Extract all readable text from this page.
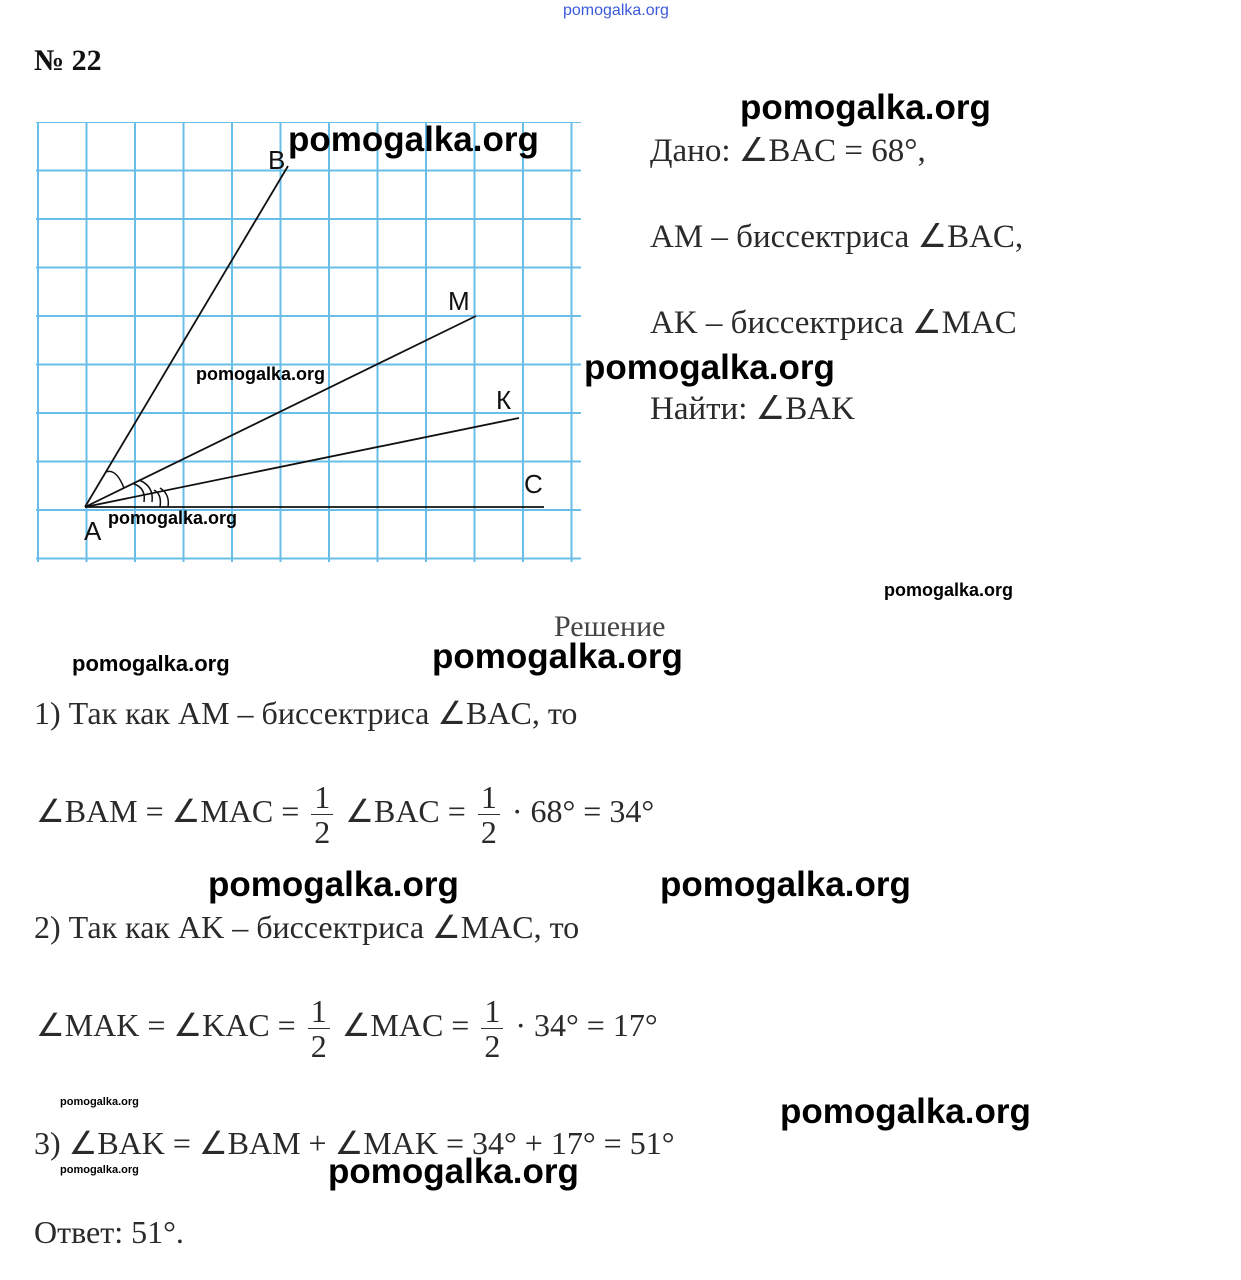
pomogalka.org
№ 22
B
M
К
C
A
Дано: ∠BAC = 68°,
AM – биссектриса ∠BAC,
AK – биссектриса ∠MAC
Найти: ∠BAK
Решение
1) Так как AM – биссектриса ∠BAC, то
∠BAM = ∠MAC = $\frac{1}{2}$ ∠BAC = $\frac{1}{2} \cdot 68^\circ = 34^\circ$
2) Так как AK – биссектриса ∠MAC, то
∠MAK = ∠KAC = $\frac{1}{2}$ ∠MAC = $\frac{1}{2} \cdot 34^\circ = 17^\circ$
3) ∠BAK = ∠BAM + ∠MAK = 34° + 17° = 51°
Ответ: 51°.
pomogalka.org
pomogalka.org
pomogalka.org	pomogalka.org
pomogalka.org
pomogalka.org
pomogalka.org	pomogalka.org
pomogalka.org	pomogalka.org
pomogalka.org	pomogalka.org
pomogalka.org	pomogalka.org
